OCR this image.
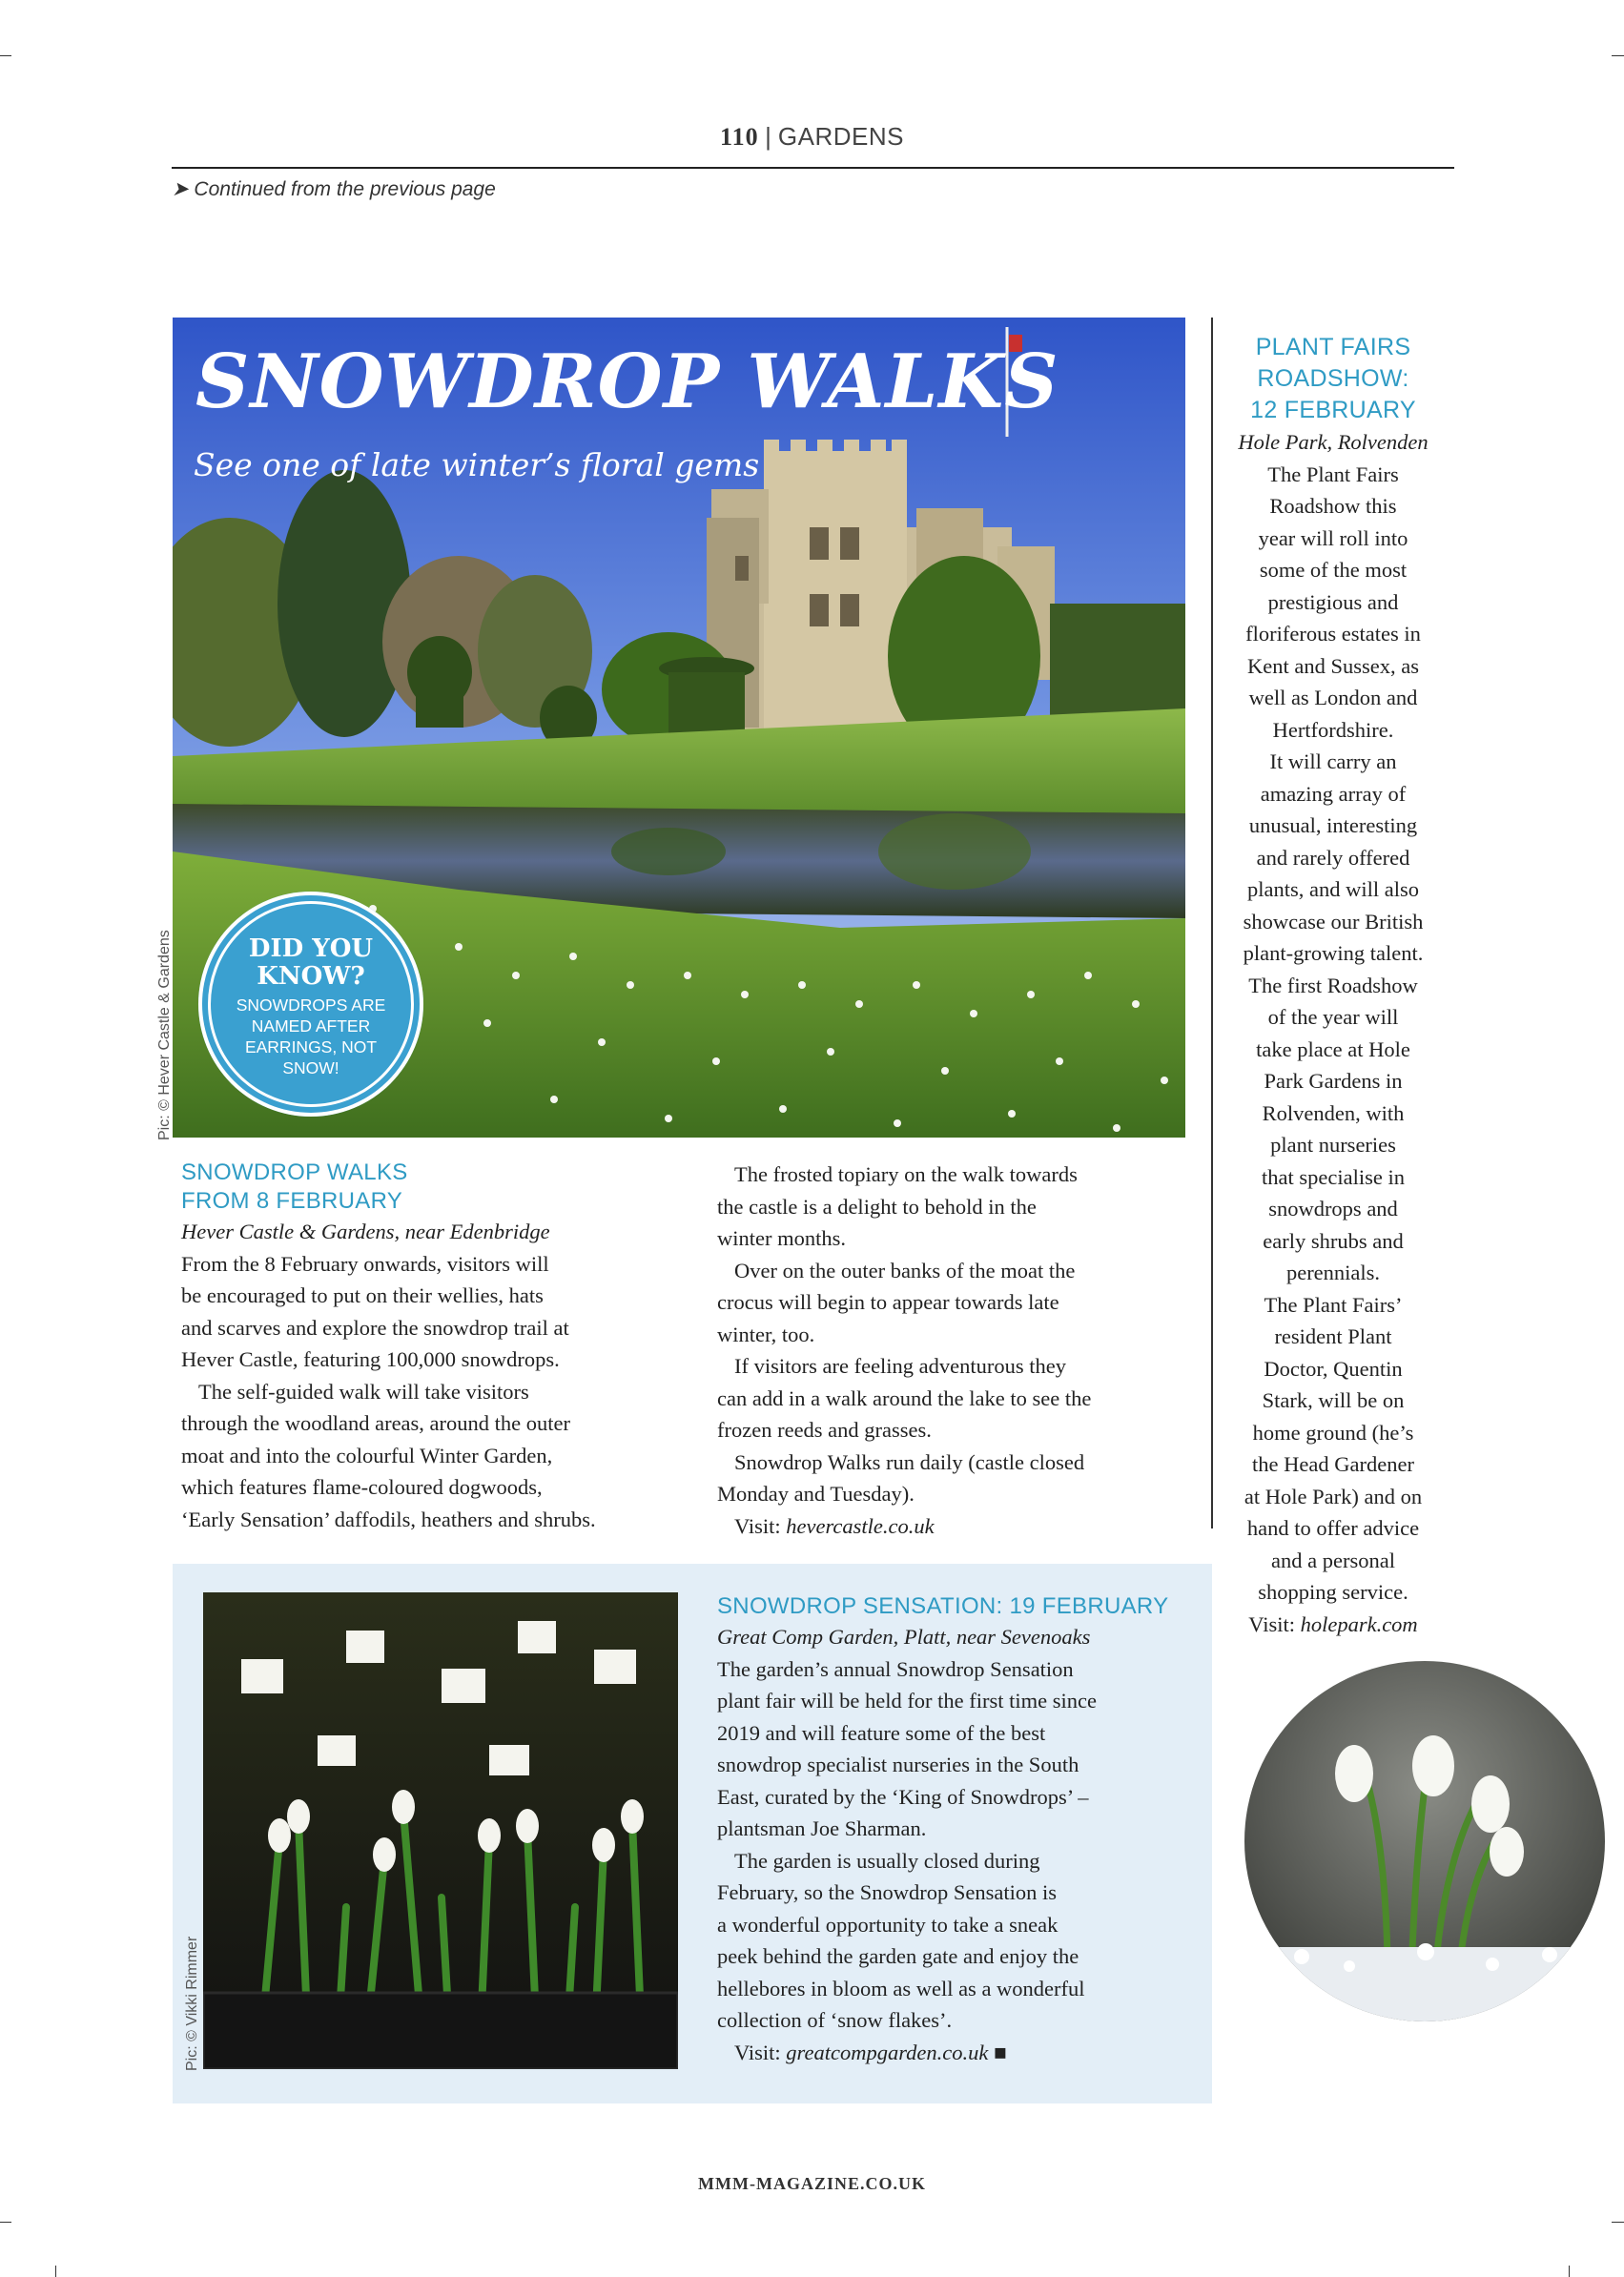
110 | GARDENS
➤ Continued from the previous page
SNOWDROP WALKS
See one of late winter’s floral gems
DID YOU
KNOW?
SNOWDROPS ARE
NAMED AFTER
EARRINGS, NOT
SNOW!
Pic: © Hever Castle & Gardens
SNOWDROP WALKS
FROM 8 FEBRUARY
Hever Castle & Gardens, near Edenbridge

From the 8 February onwards, visitors will

be encouraged to put on their wellies, hats

and scarves and explore the snowdrop trail at

Hever Castle, featuring 100,000 snowdrops.

The self-guided walk will take visitors

through the woodland areas, around the outer

moat and into the colourful Winter Garden,

which features flame-coloured dogwoods,

‘Early Sensation’ daffodils, heathers and shrubs.

The frosted topiary on the walk towards

the castle is a delight to behold in the

winter months.

Over on the outer banks of the moat the

crocus will begin to appear towards late

winter, too.

If visitors are feeling adventurous they

can add in a walk around the lake to see the

frozen reeds and grasses.

Snowdrop Walks run daily (castle closed

Monday and Tuesday).

Visit: hevercastle.co.uk

Pic: © Vikki Rimmer
SNOWDROP SENSATION: 19 FEBRUARY
Great Comp Garden, Platt, near Sevenoaks

The garden’s annual Snowdrop Sensation

plant fair will be held for the first time since

2019 and will feature some of the best

snowdrop specialist nurseries in the South

East, curated by the ‘King of Snowdrops’ –

plantsman Joe Sharman.

The garden is usually closed during

February, so the Snowdrop Sensation is

a wonderful opportunity to take a sneak

peek behind the garden gate and enjoy the

hellebores in bloom as well as a wonderful

collection of ‘snow flakes’.

Visit: greatcompgarden.co.uk ■

PLANT FAIRS
ROADSHOW:
12 FEBRUARY
Hole Park, Rolvenden

The Plant Fairs

Roadshow this

year will roll into

some of the most

prestigious and

floriferous estates in

Kent and Sussex, as

well as London and

Hertfordshire.

It will carry an

amazing array of

unusual, interesting

and rarely offered

plants, and will also

showcase our British

plant-growing talent.

The first Roadshow

of the year will

take place at Hole

Park Gardens in

Rolvenden, with

plant nurseries

that specialise in

snowdrops and

early shrubs and

perennials.

The Plant Fairs’

resident Plant

Doctor, Quentin

Stark, will be on

home ground (he’s

the Head Gardener

at Hole Park) and on

hand to offer advice

and a personal

shopping service.

Visit: holepark.com
MMM-MAGAZINE.CO.UK
